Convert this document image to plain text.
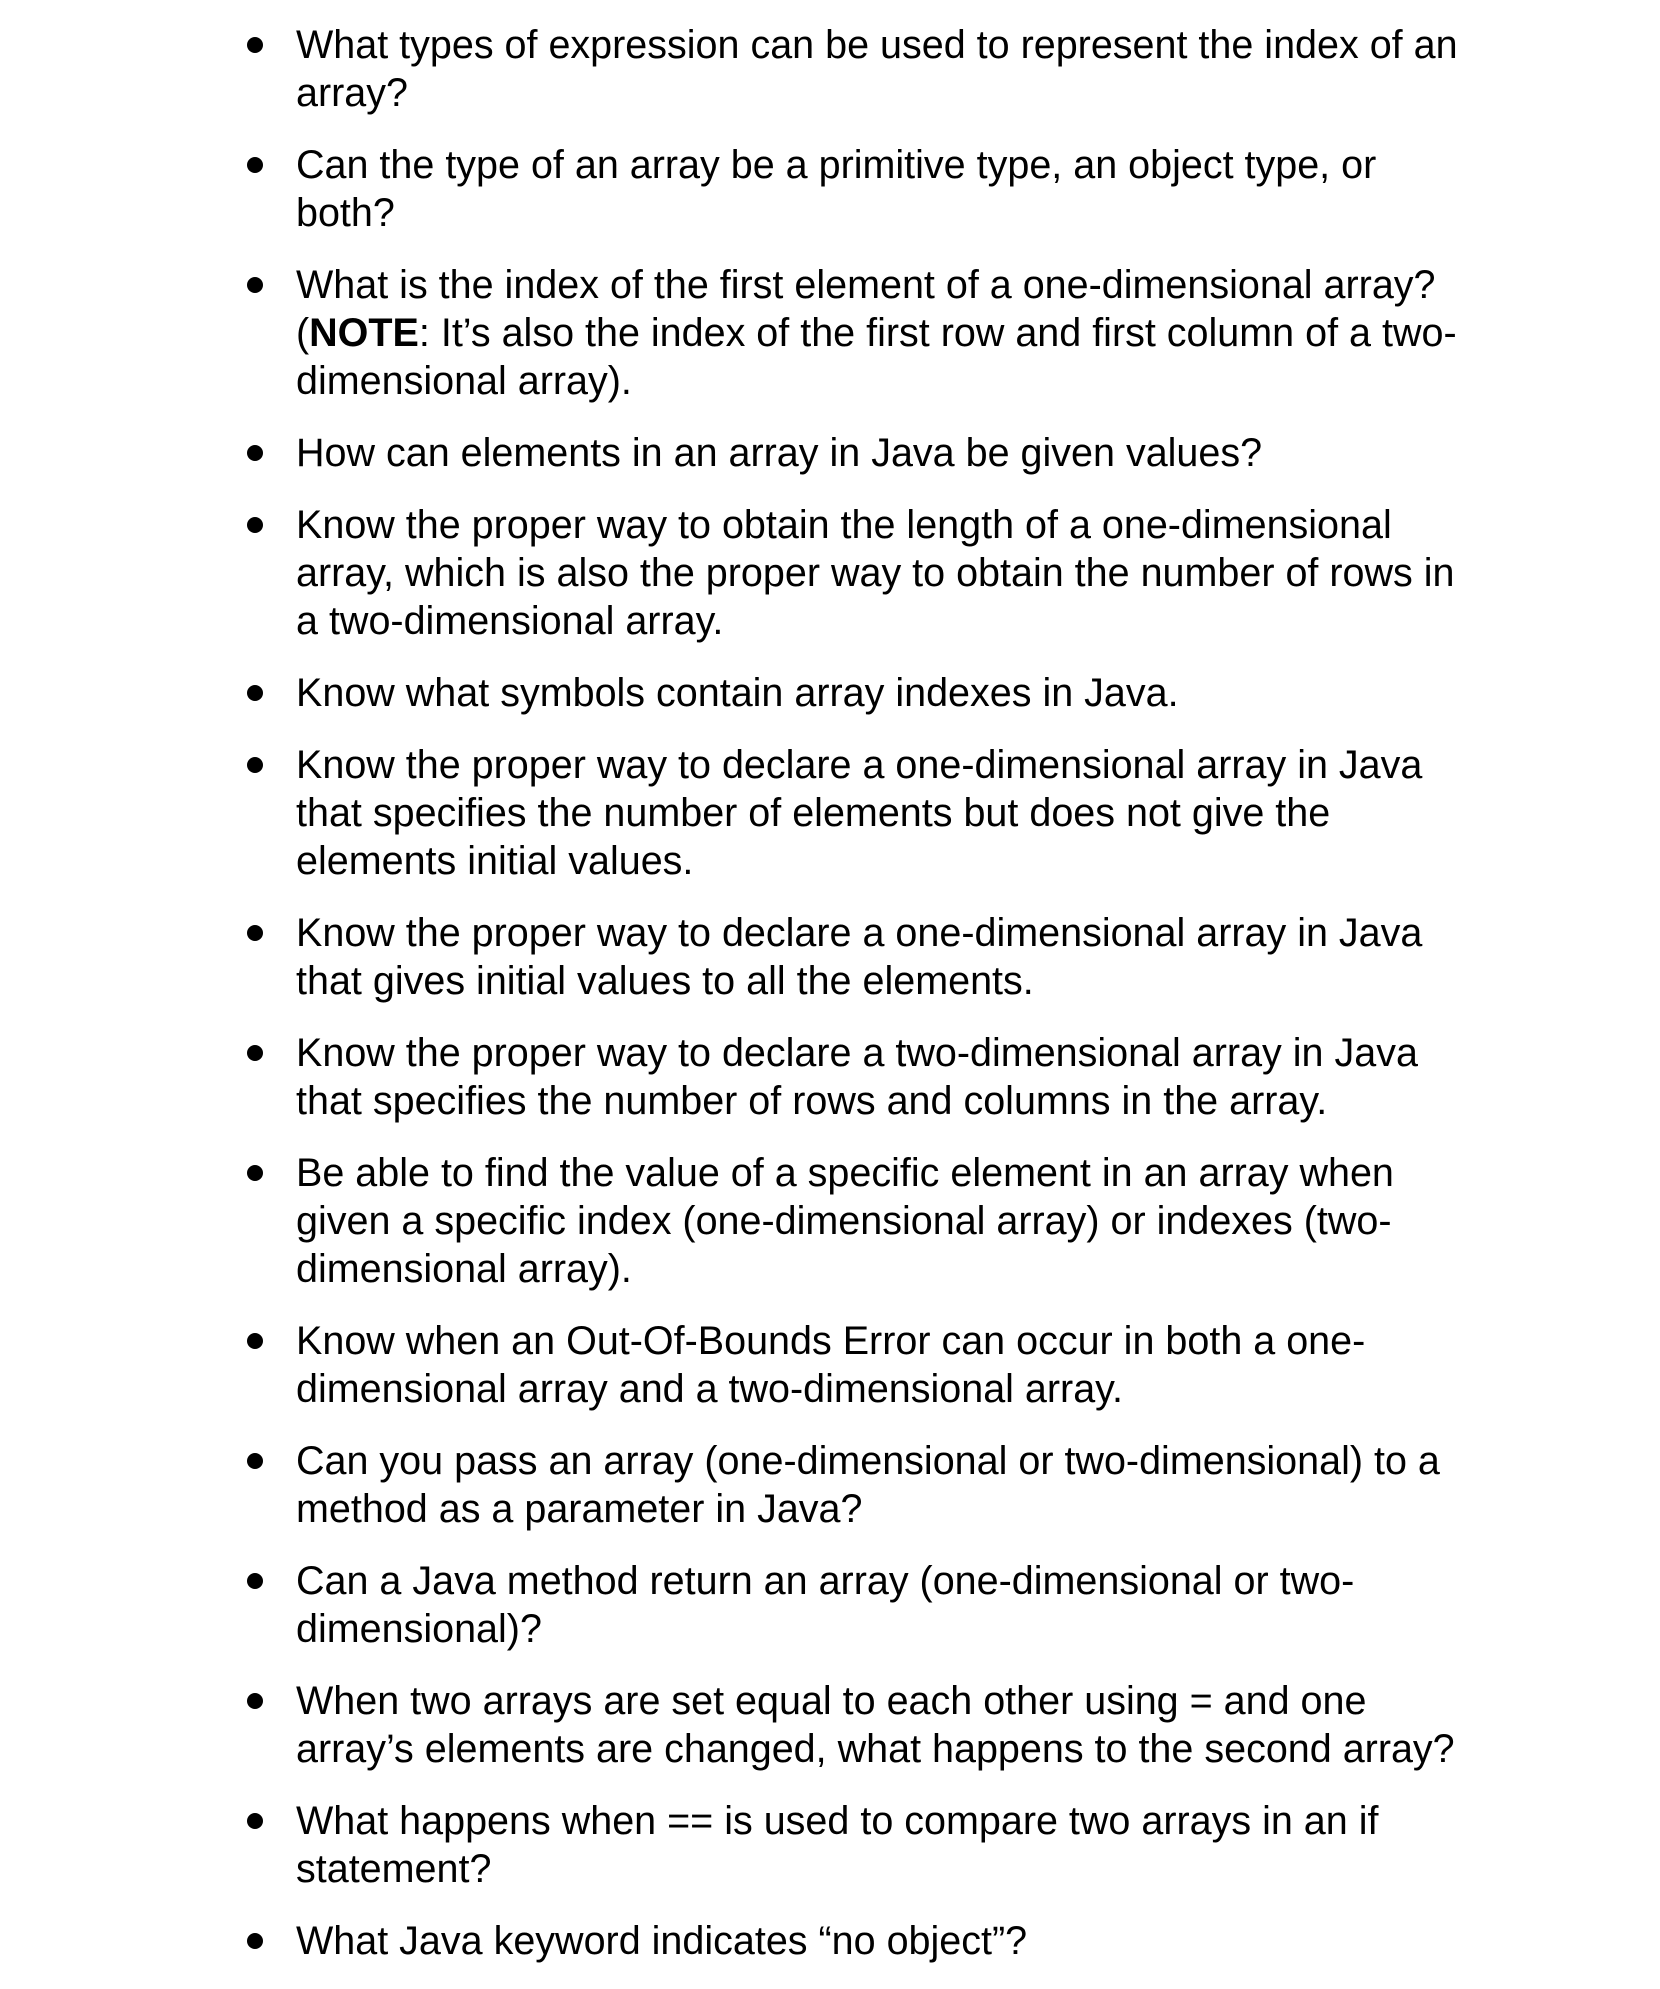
What types of expression can be used to represent the index of an array?
Can the type of an array be a primitive type, an object type, or both?
What is the index of the first element of a one-dimensional array? (NOTE: It’s also the index of the first row and first column of a two-dimensional array).
How can elements in an array in Java be given values?
Know the proper way to obtain the length of a one-dimensional array, which is also the proper way to obtain the number of rows in a two-dimensional array.
Know what symbols contain array indexes in Java.
Know the proper way to declare a one-dimensional array in Java that specifies the number of elements but does not give the elements initial values.
Know the proper way to declare a one-dimensional array in Java that gives initial values to all the elements.
Know the proper way to declare a two-dimensional array in Java that specifies the number of rows and columns in the array.
Be able to find the value of a specific element in an array when given a specific index (one-dimensional array) or indexes (two-dimensional array).
Know when an Out-Of-Bounds Error can occur in both a one-dimensional array and a two-dimensional array.
Can you pass an array (one-dimensional or two-dimensional) to a method as a parameter in Java?
Can a Java method return an array (one-dimensional or two-dimensional)?
When two arrays are set equal to each other using = and one array’s elements are changed, what happens to the second array?
What happens when == is used to compare two arrays in an if statement?
What Java keyword indicates “no object”?
